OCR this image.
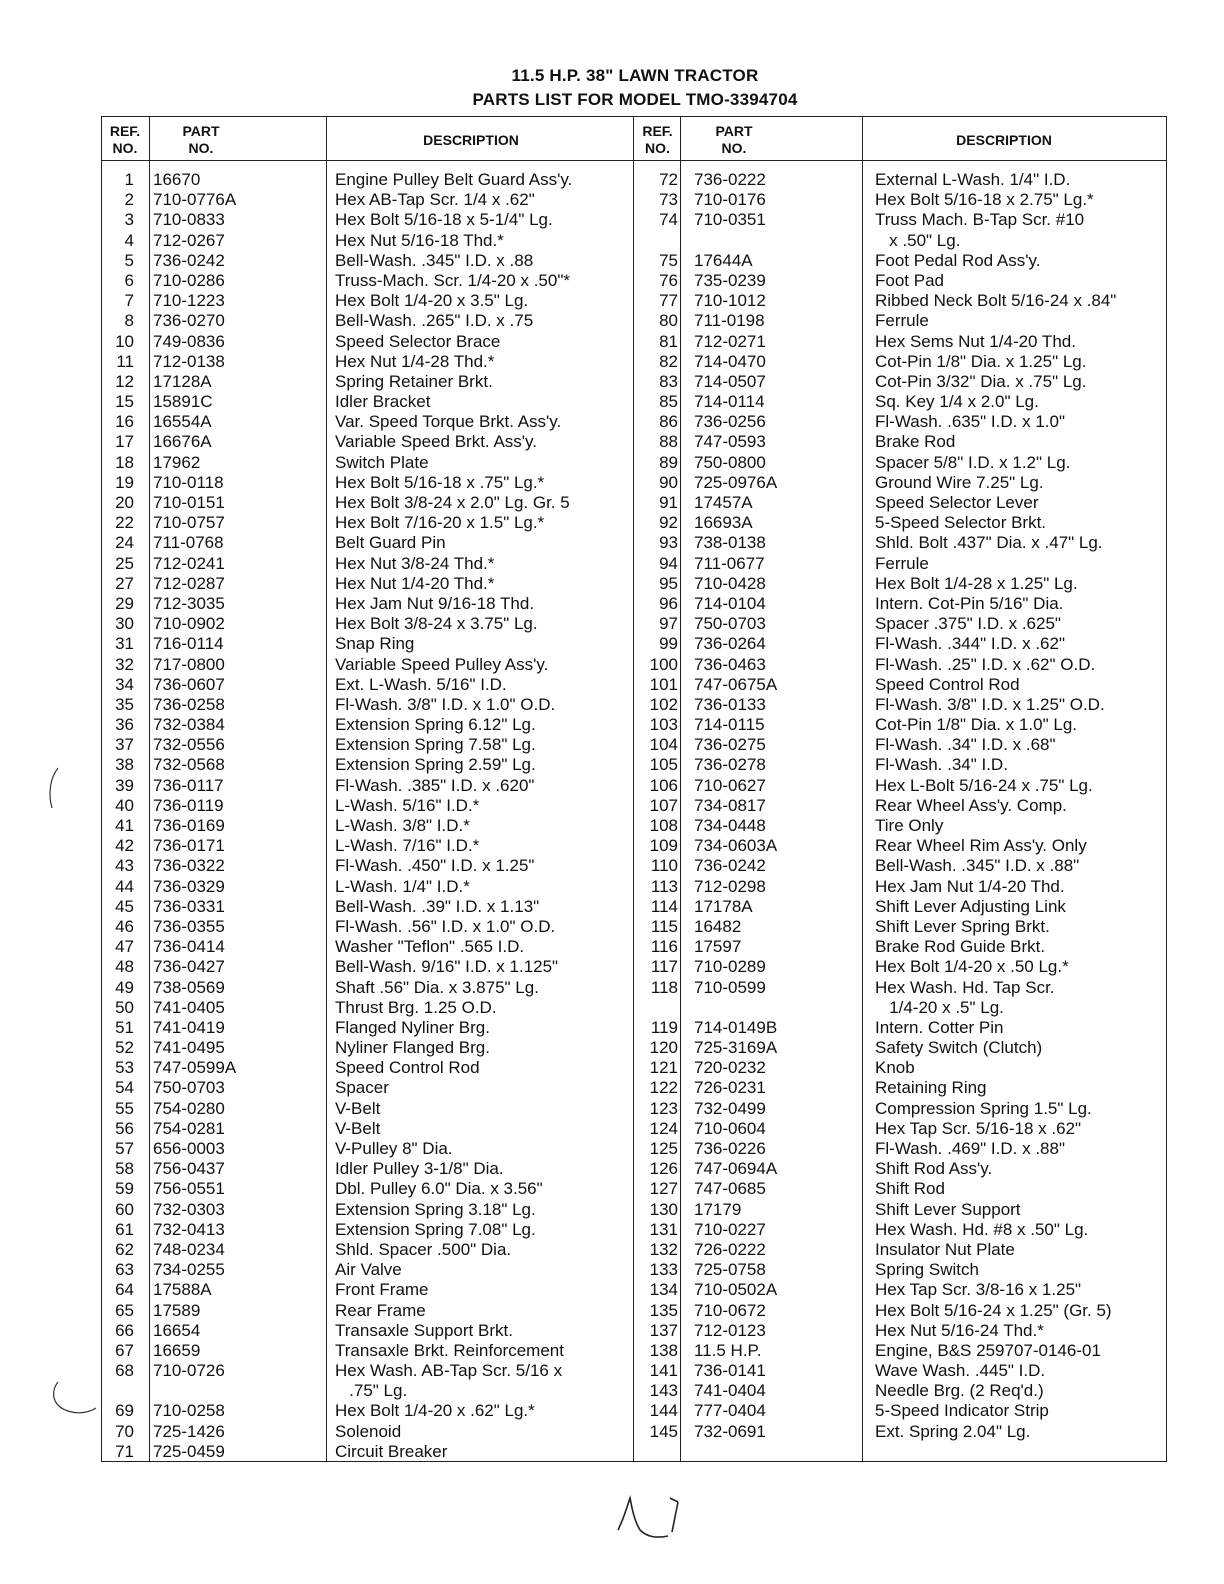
11.5 H.P. 38" LAWN TRACTOR
PARTS LIST FOR MODEL TMO-3394704
REF.
NO.
PART
NO.	DESCRIPTION
REF.
NO.
PART
NO.	DESCRIPTION
1
2
3
4
5
6
7
8
10
11
12
15
16
17
18
19
20
22
24
25
27
29
30
31
32
34
35
36
37
38
39
40
41
42
43
44
45
46
47
48
49
50
51
52
53
54
55
56
57
58
59
60
61
62
63
64
65
66
67
68
69
70
71
16670
710-0776A
710-0833
712-0267
736-0242
710-0286
710-1223
736-0270
749-0836
712-0138
17128A
15891C
16554A
16676A
17962
710-0118
710-0151
710-0757
711-0768
712-0241
712-0287
712-3035
710-0902
716-0114
717-0800
736-0607
736-0258
732-0384
732-0556
732-0568
736-0117
736-0119
736-0169
736-0171
736-0322
736-0329
736-0331
736-0355
736-0414
736-0427
738-0569
741-0405
741-0419
741-0495
747-0599A
750-0703
754-0280
754-0281
656-0003
756-0437
756-0551
732-0303
732-0413
748-0234
734-0255
17588A
17589
16654
16659
710-0726
710-0258
725-1426
725-0459
Engine Pulley Belt Guard Ass'y.
Hex AB-Tap Scr. 1/4 x .62"
Hex Bolt 5/16-18 x 5-1/4" Lg.
Hex Nut 5/16-18 Thd.*
Bell-Wash. .345" I.D. x .88
Truss-Mach. Scr. 1/4-20 x .50"*
Hex Bolt 1/4-20 x 3.5" Lg.
Bell-Wash. .265" I.D. x .75
Speed Selector Brace
Hex Nut 1/4-28 Thd.*
Spring Retainer Brkt.
Idler Bracket
Var. Speed Torque Brkt. Ass'y.
Variable Speed Brkt. Ass'y.
Switch Plate
Hex Bolt 5/16-18 x .75" Lg.*
Hex Bolt 3/8-24 x 2.0" Lg. Gr. 5
Hex Bolt 7/16-20 x 1.5" Lg.*
Belt Guard Pin
Hex Nut 3/8-24 Thd.*
Hex Nut 1/4-20 Thd.*
Hex Jam Nut 9/16-18 Thd.
Hex Bolt 3/8-24 x 3.75" Lg.
Snap Ring
Variable Speed Pulley Ass'y.
Ext. L-Wash. 5/16" I.D.
Fl-Wash. 3/8" I.D. x 1.0" O.D.
Extension Spring 6.12" Lg.
Extension Spring 7.58" Lg.
Extension Spring 2.59" Lg.
Fl-Wash. .385" I.D. x .620"
L-Wash. 5/16" I.D.*
L-Wash. 3/8" I.D.*
L-Wash. 7/16" I.D.*
Fl-Wash. .450" I.D. x 1.25"
L-Wash. 1/4" I.D.*
Bell-Wash. .39" I.D. x 1.13"
Fl-Wash. .56" I.D. x 1.0" O.D.
Washer "Teflon" .565 I.D.
Bell-Wash. 9/16" I.D. x 1.125"
Shaft .56" Dia. x 3.875" Lg.
Thrust Brg. 1.25 O.D.
Flanged Nyliner Brg.
Nyliner Flanged Brg.
Speed Control Rod
Spacer
V-Belt
V-Belt
V-Pulley 8" Dia.
Idler Pulley 3-1/8" Dia.
Dbl. Pulley 6.0" Dia. x 3.56"
Extension Spring 3.18" Lg.
Extension Spring 7.08" Lg.
Shld. Spacer .500" Dia.
Air Valve
Front Frame
Rear Frame
Transaxle Support Brkt.
Transaxle Brkt. Reinforcement
Hex Wash. AB-Tap Scr. 5/16 x
.75" Lg.
Hex Bolt 1/4-20 x .62" Lg.*
Solenoid
Circuit Breaker
72
73
74
75
76
77
80
81
82
83
85
86
88
89
90
91
92
93
94
95
96
97
99
100
101
102
103
104
105
106
107
108
109
110
113
114
115
116
117
118
119
120
121
122
123
124
125
126
127
130
131
132
133
134
135
137
138
141
143
144
145
736-0222
710-0176
710-0351
17644A
735-0239
710-1012
711-0198
712-0271
714-0470
714-0507
714-0114
736-0256
747-0593
750-0800
725-0976A
17457A
16693A
738-0138
711-0677
710-0428
714-0104
750-0703
736-0264
736-0463
747-0675A
736-0133
714-0115
736-0275
736-0278
710-0627
734-0817
734-0448
734-0603A
736-0242
712-0298
17178A
16482
17597
710-0289
710-0599
714-0149B
725-3169A
720-0232
726-0231
732-0499
710-0604
736-0226
747-0694A
747-0685
17179
710-0227
726-0222
725-0758
710-0502A
710-0672
712-0123
11.5 H.P.
736-0141
741-0404
777-0404
732-0691
External L-Wash. 1/4" I.D.
Hex Bolt 5/16-18 x 2.75" Lg.*
Truss Mach. B-Tap Scr. #10
x .50" Lg.
Foot Pedal Rod Ass'y.
Foot Pad
Ribbed Neck Bolt 5/16-24 x .84"
Ferrule
Hex Sems Nut 1/4-20 Thd.
Cot-Pin 1/8" Dia. x 1.25" Lg.
Cot-Pin 3/32" Dia. x .75" Lg.
Sq. Key 1/4 x 2.0" Lg.
Fl-Wash. .635" I.D. x 1.0"
Brake Rod
Spacer 5/8" I.D. x 1.2" Lg.
Ground Wire 7.25" Lg.
Speed Selector Lever
5-Speed Selector Brkt.
Shld. Bolt .437" Dia. x .47" Lg.
Ferrule
Hex Bolt 1/4-28 x 1.25" Lg.
Intern. Cot-Pin 5/16" Dia.
Spacer .375" I.D. x .625"
Fl-Wash. .344" I.D. x .62"
Fl-Wash. .25" I.D. x .62" O.D.
Speed Control Rod
Fl-Wash. 3/8" I.D. x 1.25" O.D.
Cot-Pin 1/8" Dia. x 1.0" Lg.
Fl-Wash. .34" I.D. x .68"
Fl-Wash. .34" I.D.
Hex L-Bolt 5/16-24 x .75" Lg.
Rear Wheel Ass'y. Comp.
Tire Only
Rear Wheel Rim Ass'y. Only
Bell-Wash. .345" I.D. x .88"
Hex Jam Nut 1/4-20 Thd.
Shift Lever Adjusting Link
Shift Lever Spring Brkt.
Brake Rod Guide Brkt.
Hex Bolt 1/4-20 x .50 Lg.*
Hex Wash. Hd. Tap Scr.
1/4-20 x .5" Lg.
Intern. Cotter Pin
Safety Switch (Clutch)
Knob
Retaining Ring
Compression Spring 1.5" Lg.
Hex Tap Scr. 5/16-18 x .62"
Fl-Wash. .469" I.D. x .88"
Shift Rod Ass'y.
Shift Rod
Shift Lever Support
Hex Wash. Hd. #8 x .50" Lg.
Insulator Nut Plate
Spring Switch
Hex Tap Scr. 3/8-16 x 1.25"
Hex Bolt 5/16-24 x 1.25" (Gr. 5)
Hex Nut 5/16-24 Thd.*
Engine, B&S 259707-0146-01
Wave Wash. .445" I.D.
Needle Brg. (2 Req'd.)
5-Speed Indicator Strip
Ext. Spring 2.04" Lg.
